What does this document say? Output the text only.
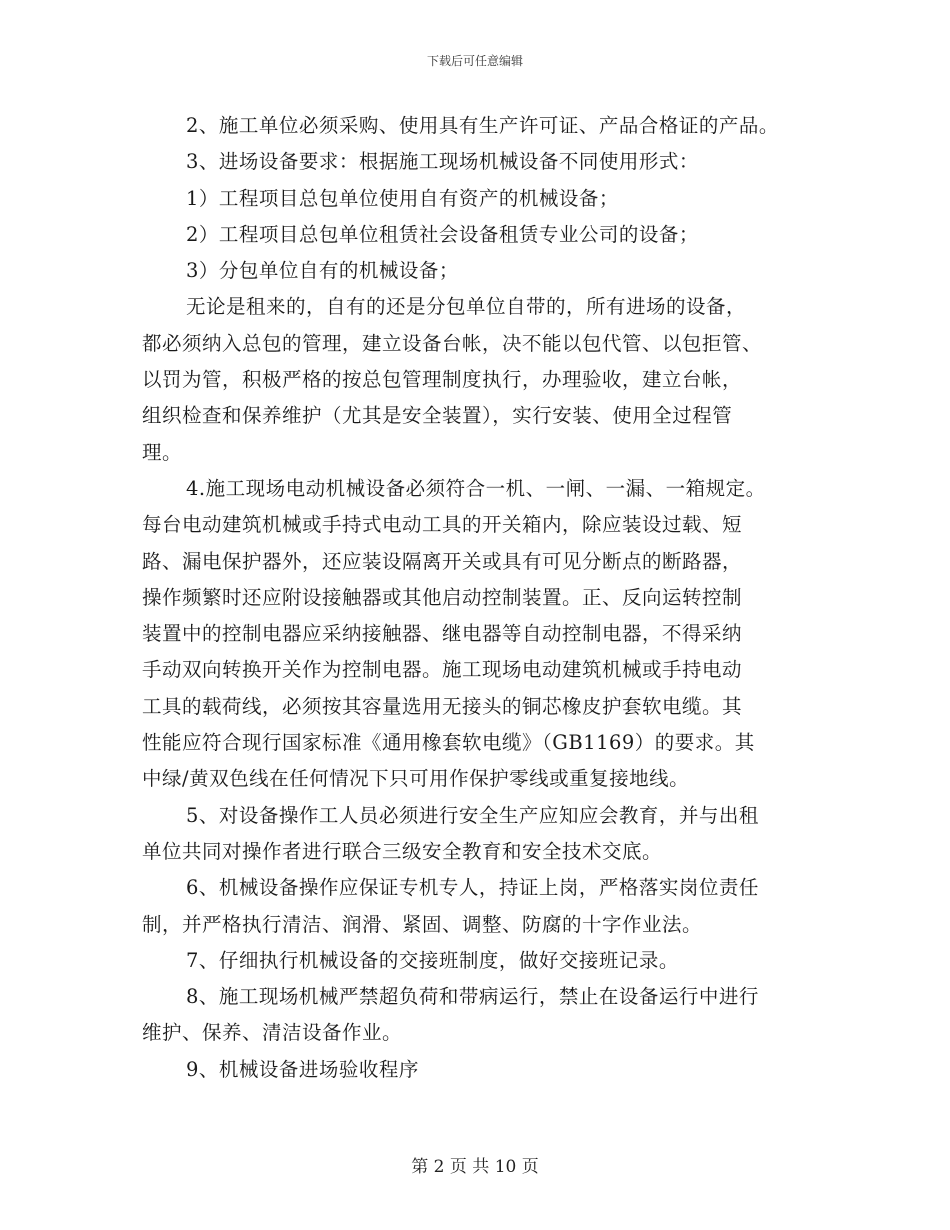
下载后可任意编辑
2、施工单位必须采购、使用具有生产许可证、产品合格证的产品。
3、进场设备要求：根据施工现场机械设备不同使用形式：
1）工程项目总包单位使用自有资产的机械设备；
2）工程项目总包单位租赁社会设备租赁专业公司的设备；
3）分包单位自有的机械设备；
无论是租来的，自有的还是分包单位自带的，所有进场的设备，
都必须纳入总包的管理，建立设备台帐，决不能以包代管、以包拒管、
以罚为管，积极严格的按总包管理制度执行，办理验收，建立台帐，
组织检查和保养维护（尤其是安全装置），实行安装、使用全过程管
理。
4.施工现场电动机械设备必须符合一机、一闸、一漏、一箱规定。
每台电动建筑机械或手持式电动工具的开关箱内，除应装设过载、短
路、漏电保护器外，还应装设隔离开关或具有可见分断点的断路器，
操作频繁时还应附设接触器或其他启动控制装置。正、反向运转控制
装置中的控制电器应采纳接触器、继电器等自动控制电器，不得采纳
手动双向转换开关作为控制电器。施工现场电动建筑机械或手持电动
工具的载荷线，必须按其容量选用无接头的铜芯橡皮护套软电缆。其
性能应符合现行国家标准《通用橡套软电缆》（GB1169）的要求。其
中绿/黄双色线在任何情况下只可用作保护零线或重复接地线。
5、对设备操作工人员必须进行安全生产应知应会教育，并与出租
单位共同对操作者进行联合三级安全教育和安全技术交底。
6、机械设备操作应保证专机专人，持证上岗，严格落实岗位责任
制，并严格执行清洁、润滑、紧固、调整、防腐的十字作业法。
7、仔细执行机械设备的交接班制度，做好交接班记录。
8、施工现场机械严禁超负荷和带病运行，禁止在设备运行中进行
维护、保养、清洁设备作业。
9、机械设备进场验收程序
第 2 页 共 10 页
